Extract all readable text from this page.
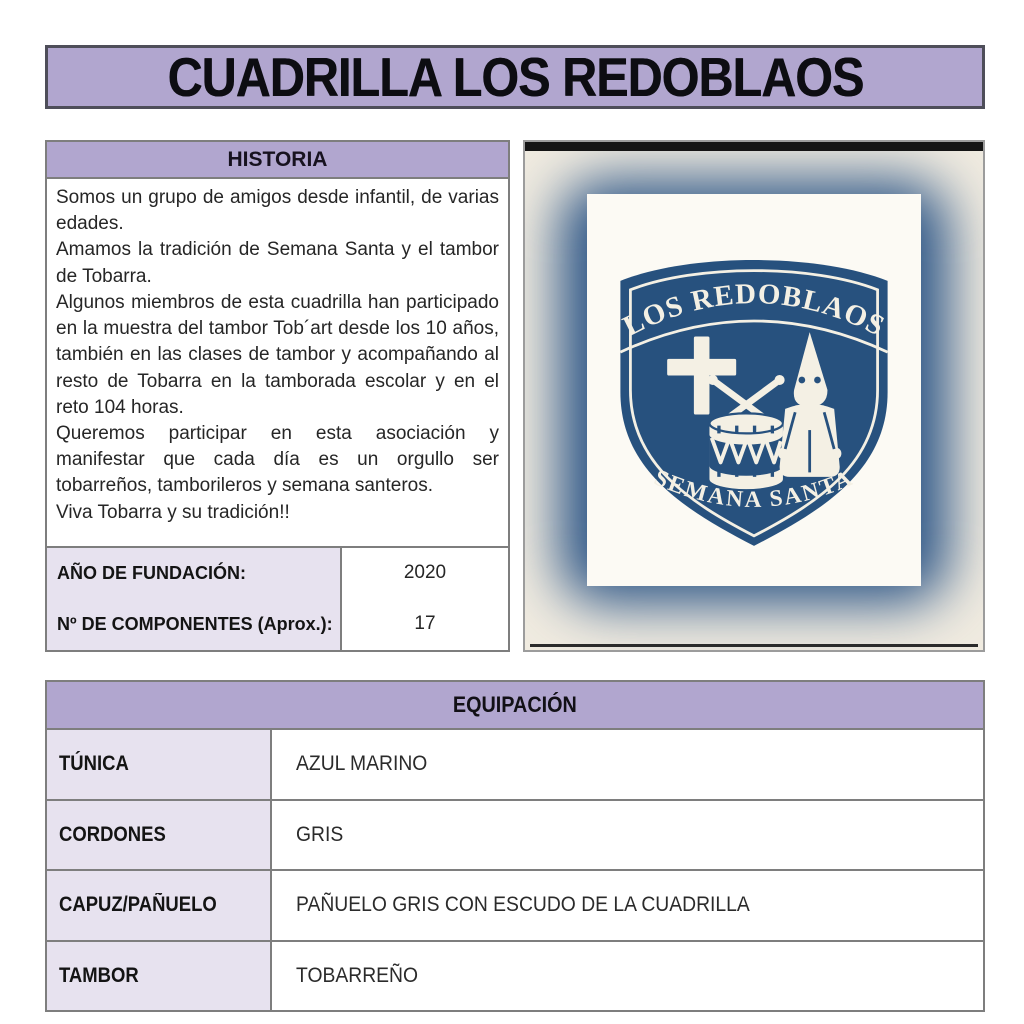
CUADRILLA LOS REDOBLAOS
HISTORIA

Somos un grupo de amigos desde infantil, de varias edades.

Amamos la tradición de Semana Santa y el tambor de Tobarra.

Algunos miembros de esta cuadrilla han participado en la muestra del tambor Tob´art desde los 10 años, también en las clases de tambor y acompañando al resto de Tobarra en la tamborada escolar y en el reto 104 horas.

Queremos participar en esta asociación y manifestar que cada día es un orgullo ser tobarreños, tamborileros y semana santeros.

Viva Tobarra y su tradición!!

AÑO DE FUNDACIÓN:	2020
Nº DE COMPONENTES (Aprox.):	17
LOS REDOBLAOS
SEMANA SANTA
EQUIPACIÓN
TÚNICA	AZUL MARINO
CORDONES	GRIS
CAPUZ/PAÑUELO	PAÑUELO GRIS CON ESCUDO DE LA CUADRILLA
TAMBOR	TOBARREÑO
